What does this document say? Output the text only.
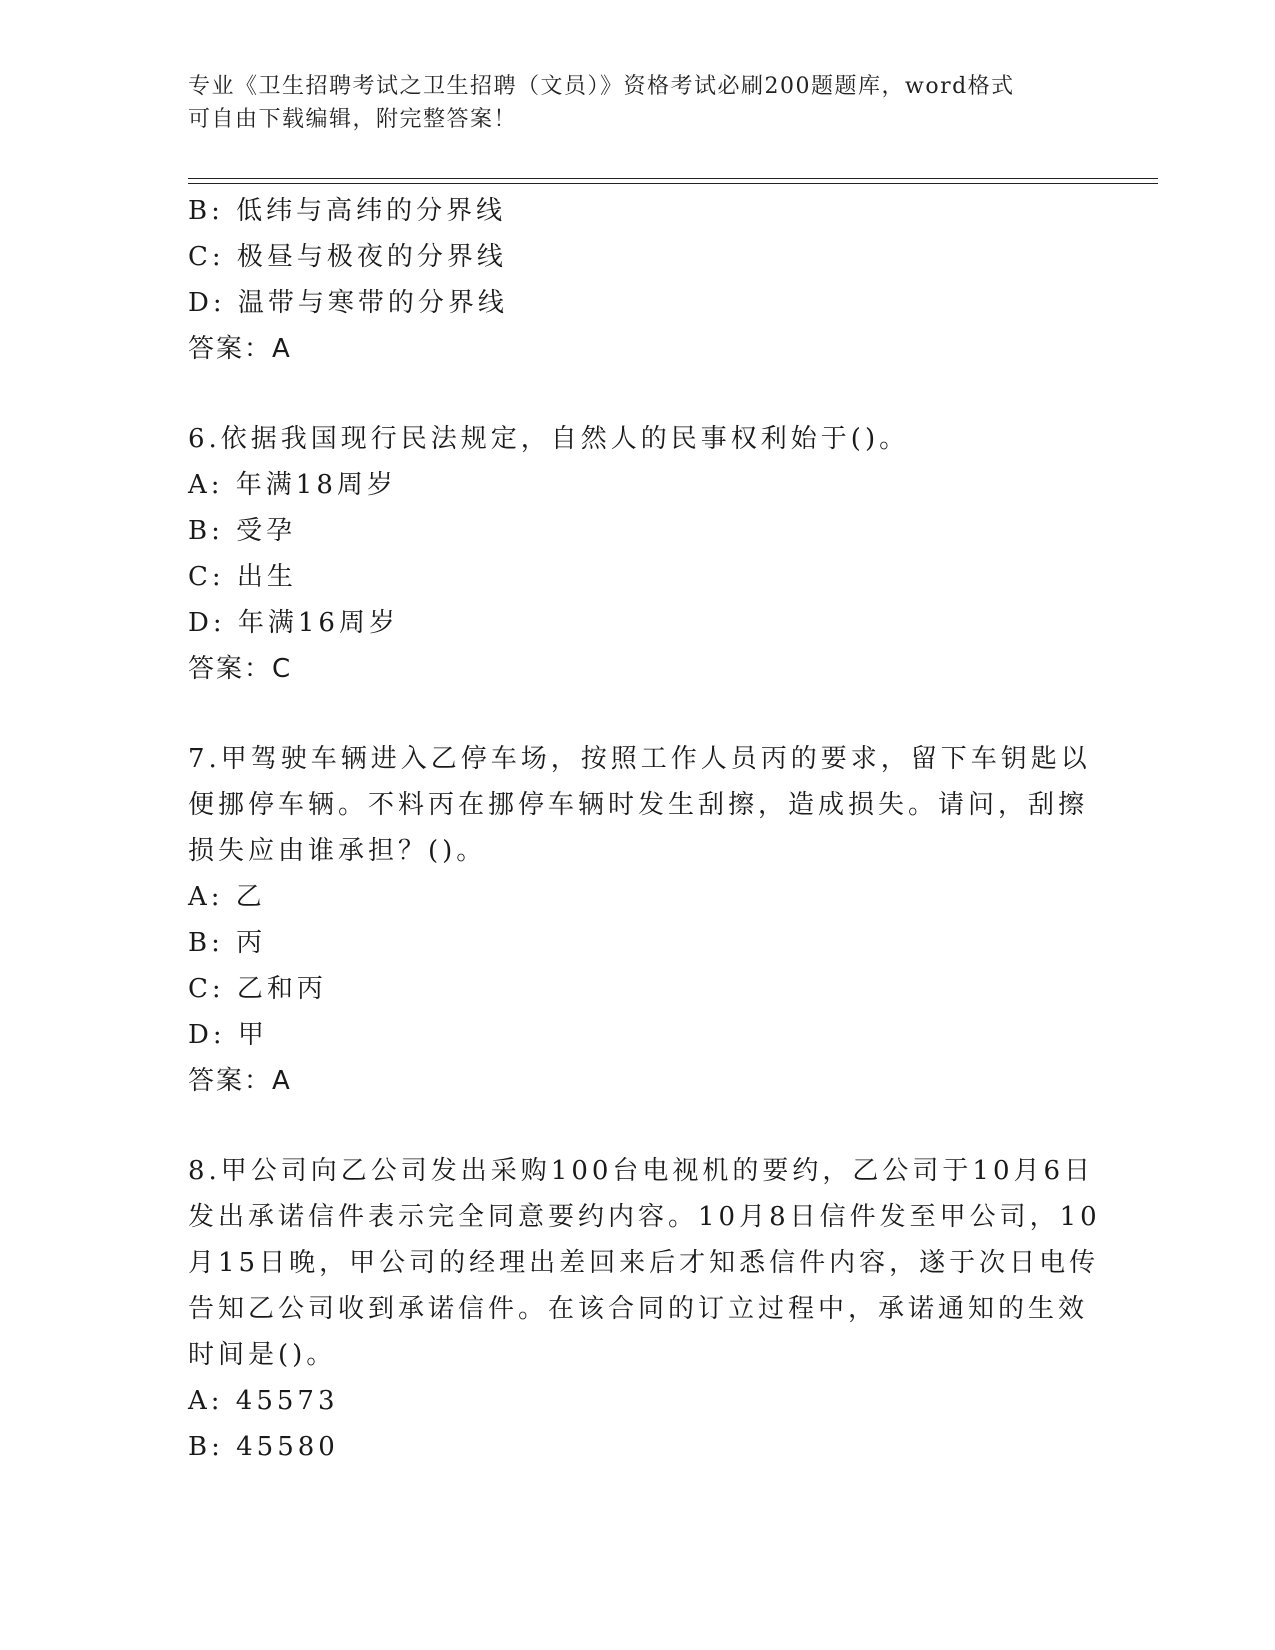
专业《卫生招聘考试之卫生招聘（文员）》资格考试必刷200题题库，word格式
可自由下载编辑，附完整答案！
B: 低纬与高纬的分界线
C: 极昼与极夜的分界线
D: 温带与寒带的分界线
答案：A
6.依据我国现行民法规定，自然人的民事权利始于()。
A: 年满18周岁
B: 受孕
C: 出生
D: 年满16周岁
答案：C
7.甲驾驶车辆进入乙停车场，按照工作人员丙的要求，留下车钥匙以
便挪停车辆。不料丙在挪停车辆时发生刮擦，造成损失。请问，刮擦
损失应由谁承担？()。
A: 乙
B: 丙
C: 乙和丙
D: 甲
答案：A
8.甲公司向乙公司发出采购100台电视机的要约，乙公司于10月6日
发出承诺信件表示完全同意要约内容。10月8日信件发至甲公司，10
月15日晚，甲公司的经理出差回来后才知悉信件内容，遂于次日电传
告知乙公司收到承诺信件。在该合同的订立过程中，承诺通知的生效
时间是()。
A: 45573
B: 45580
